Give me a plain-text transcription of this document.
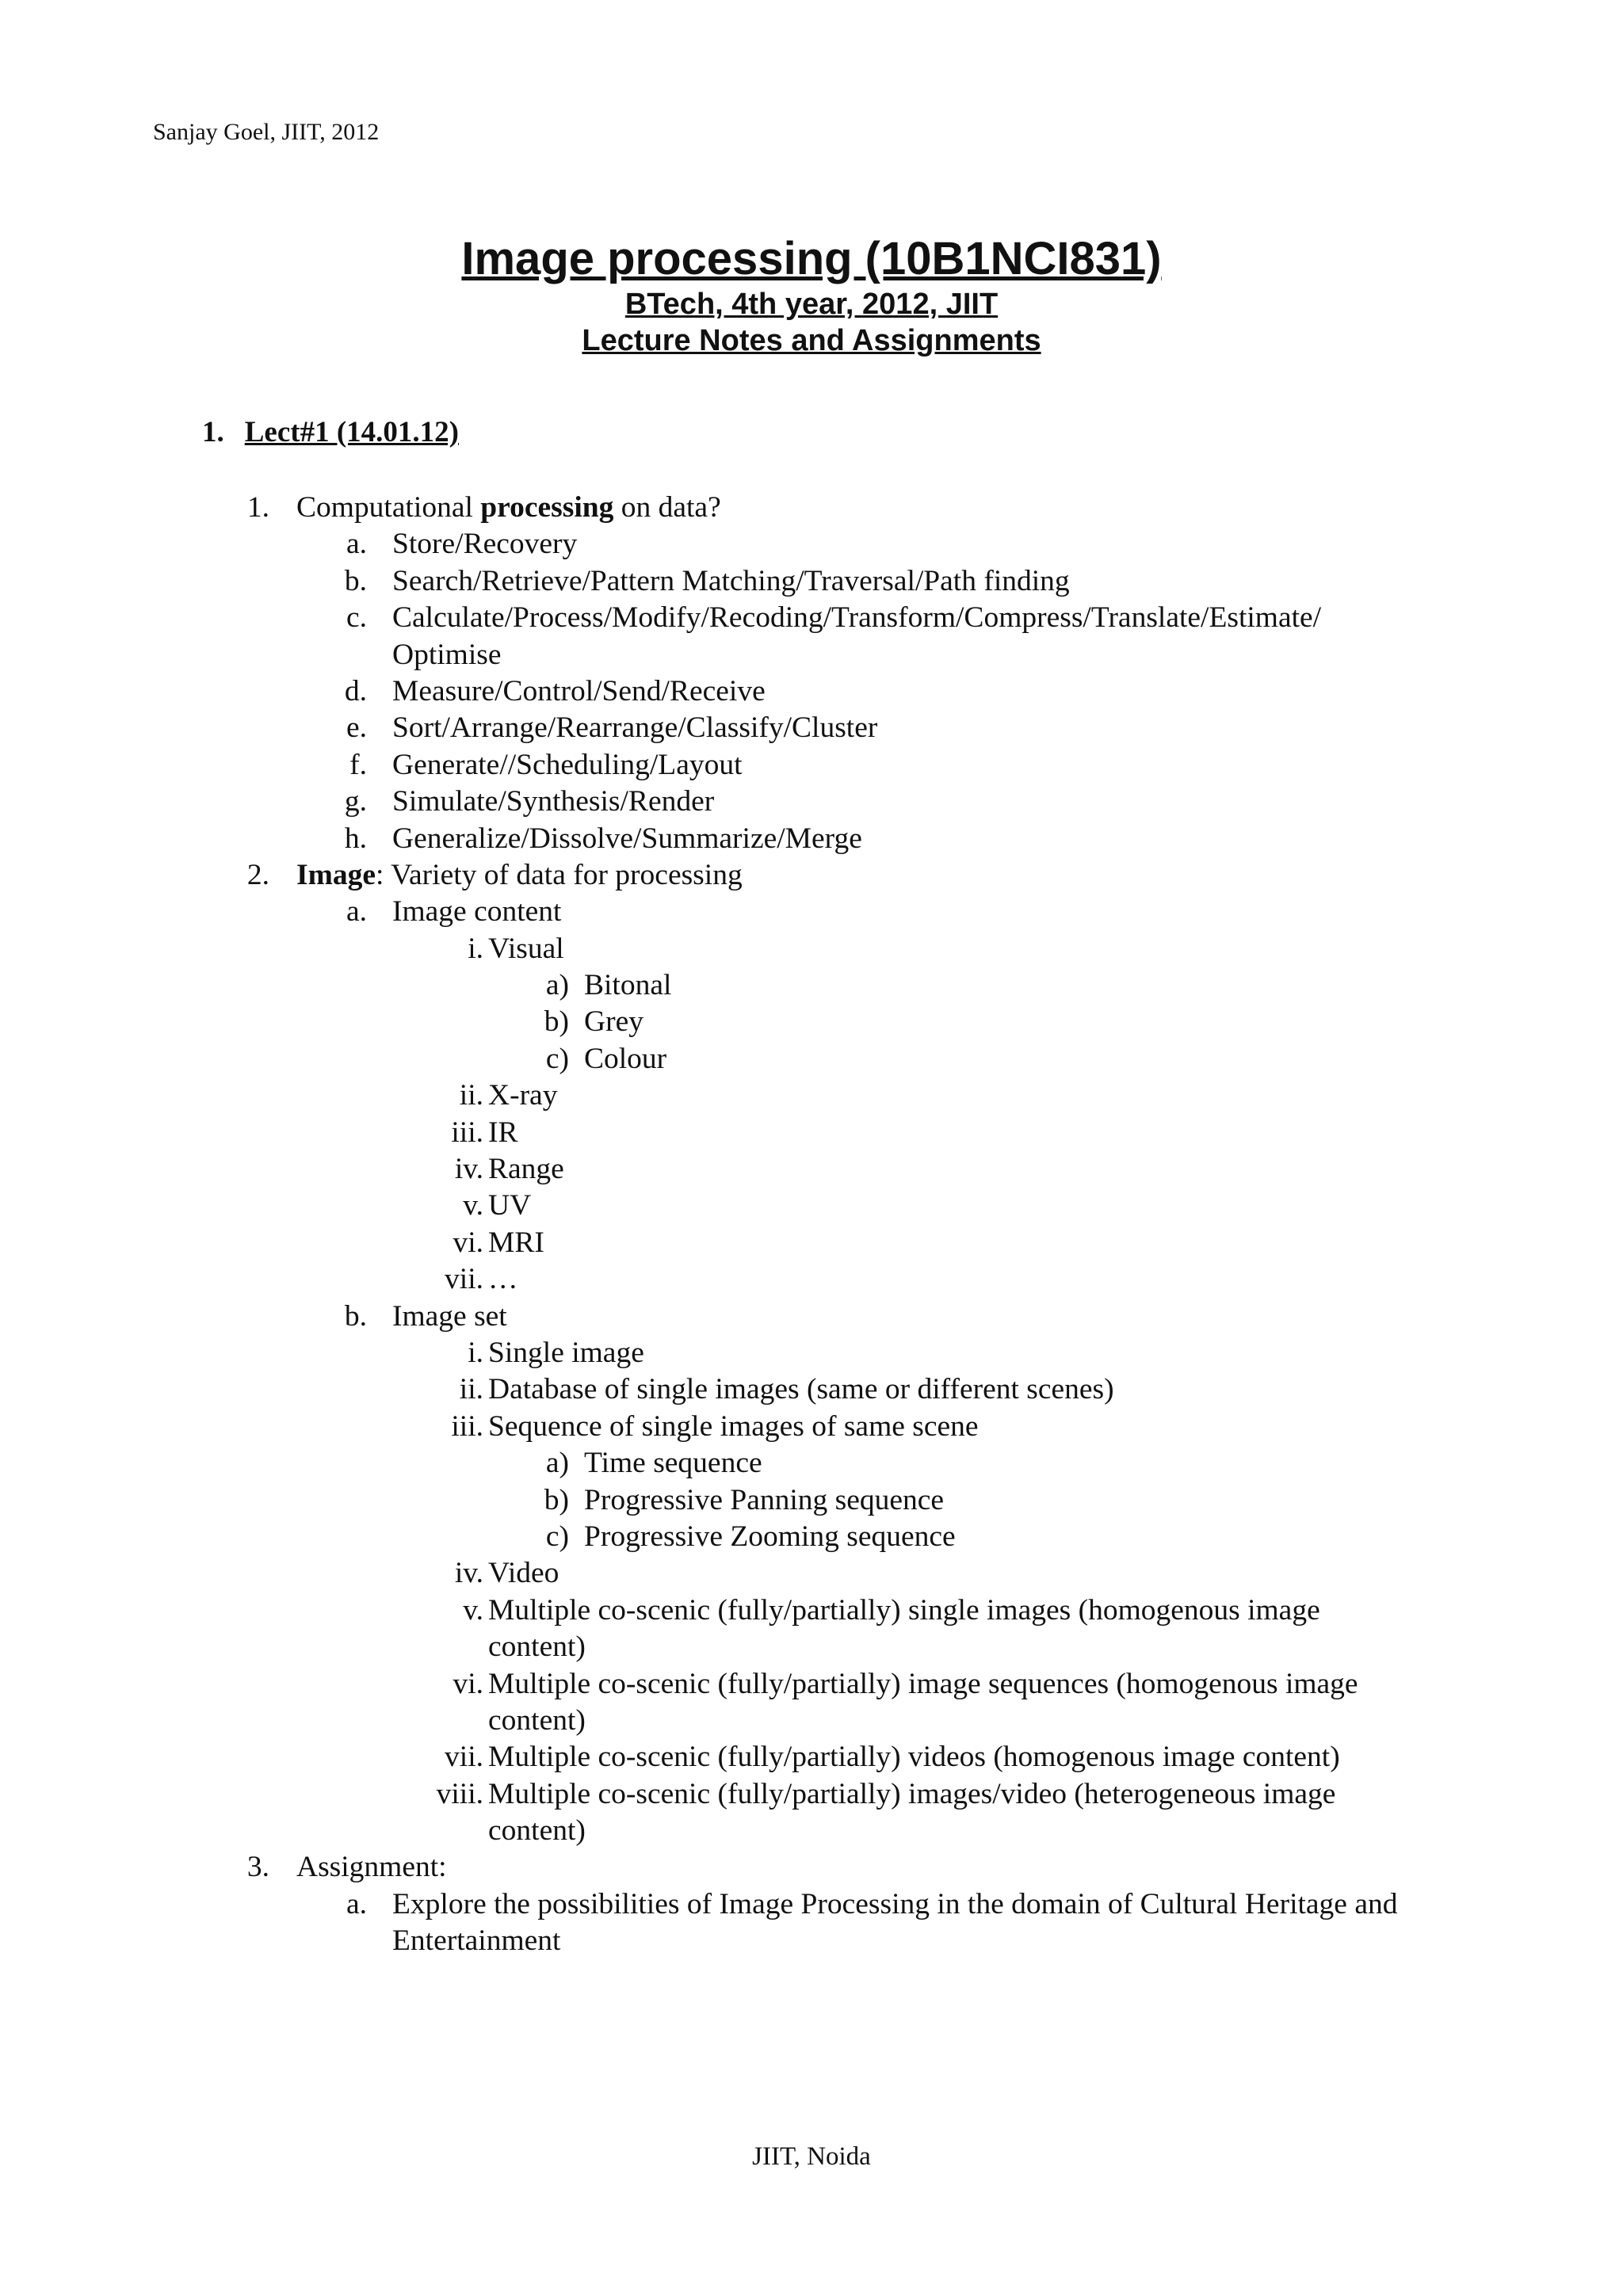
Sanjay Goel, JIIT, 2012
Image processing (10B1NCI831)
BTech, 4th year, 2012, JIIT
Lecture Notes and Assignments
1. Lect#1 (14.01.12)
1. Computational processing on data?
a. Store/Recovery
b. Search/Retrieve/Pattern Matching/Traversal/Path finding
c. Calculate/Process/Modify/Recoding/Transform/Compress/Translate/Estimate/
Optimise
d. Measure/Control/Send/Receive
e. Sort/Arrange/Rearrange/Classify/Cluster
f. Generate//Scheduling/Layout
g. Simulate/Synthesis/Render
h. Generalize/Dissolve/Summarize/Merge
2. Image: Variety of data for processing
a. Image content
i. Visual
a) Bitonal
b) Grey
c) Colour
ii. X-ray
iii. IR
iv. Range
v. UV
vi. MRI
vii. …
b. Image set
i. Single image
ii. Database of single images (same or different scenes)
iii. Sequence of single images of same scene
a) Time sequence
b) Progressive Panning sequence
c) Progressive Zooming sequence
iv. Video
v. Multiple co-scenic (fully/partially) single images (homogenous image
content)
vi. Multiple co-scenic (fully/partially) image sequences (homogenous image
content)
vii. Multiple co-scenic (fully/partially) videos (homogenous image content)
viii. Multiple co-scenic (fully/partially) images/video (heterogeneous image
content)
3. Assignment:
a. Explore the possibilities of Image Processing in the domain of Cultural Heritage and
Entertainment
JIIT, Noida
